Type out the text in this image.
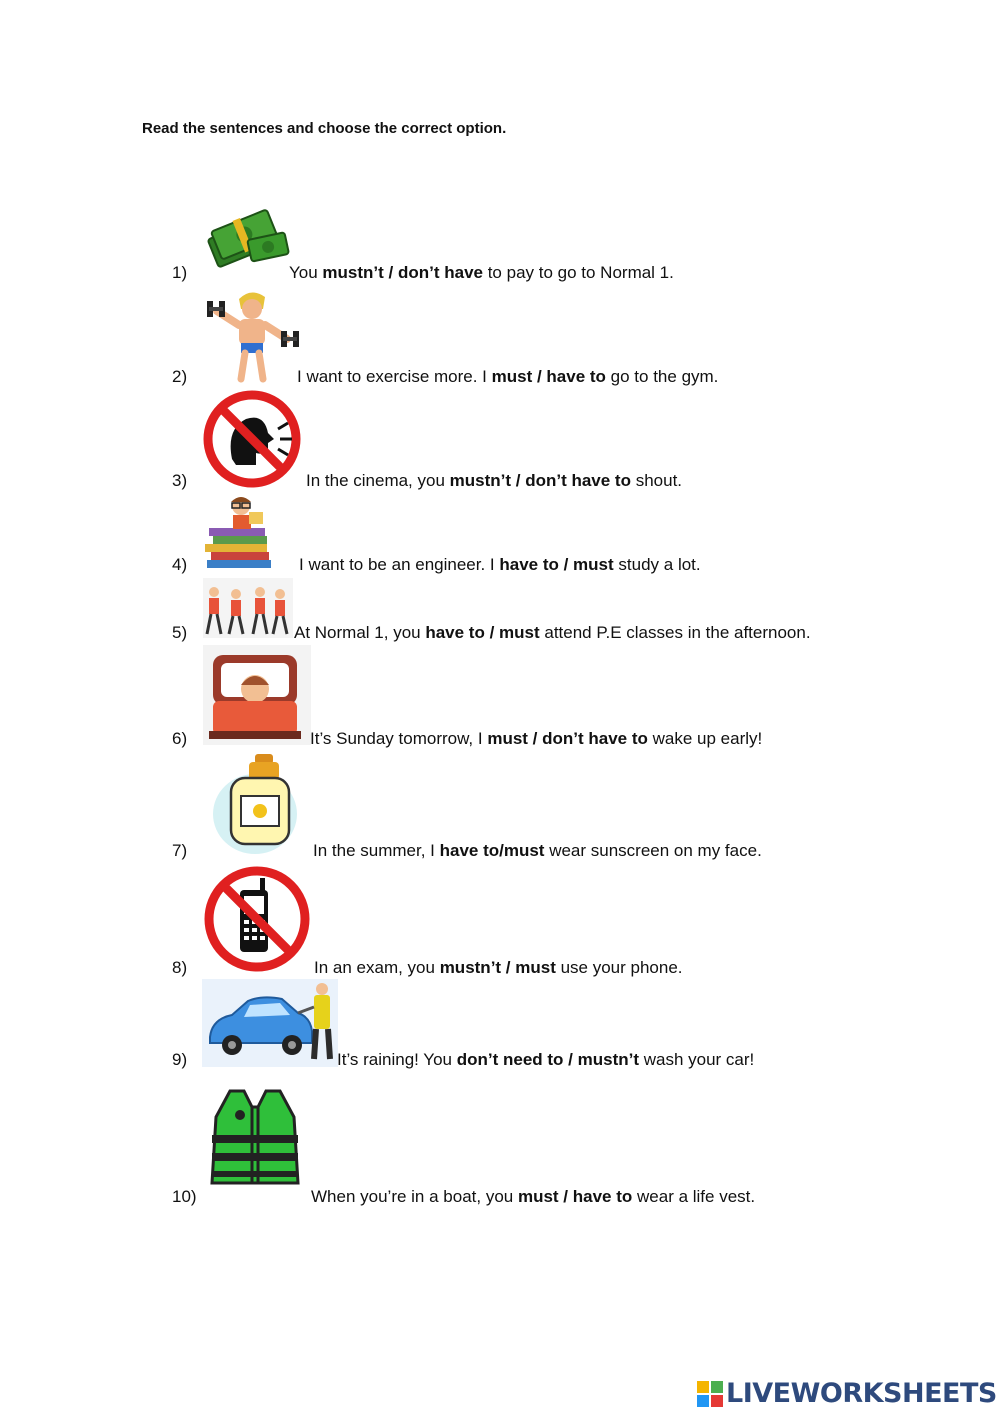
Read the sentences and choose the correct option.
1)	You mustn’t / don’t have to pay to go to Normal 1.
2)	I want to exercise more. I must / have to go to the gym.
3)	In the cinema, you mustn’t / don’t have to shout.
4)	I want to be an engineer. I have to / must study a lot.
5)	At Normal 1, you have to / must attend P.E classes in the afternoon.
6)	It’s Sunday tomorrow, I must / don’t have to wake up early!
7)	In the summer, I have to/must wear sunscreen on my face.
8)	In an exam, you mustn’t / must use your phone.
9)	It’s raining! You don’t need to / mustn’t wash your car!
10)	When you’re in a boat, you must / have to wear a life vest.
LIVEWORKSHEETS
